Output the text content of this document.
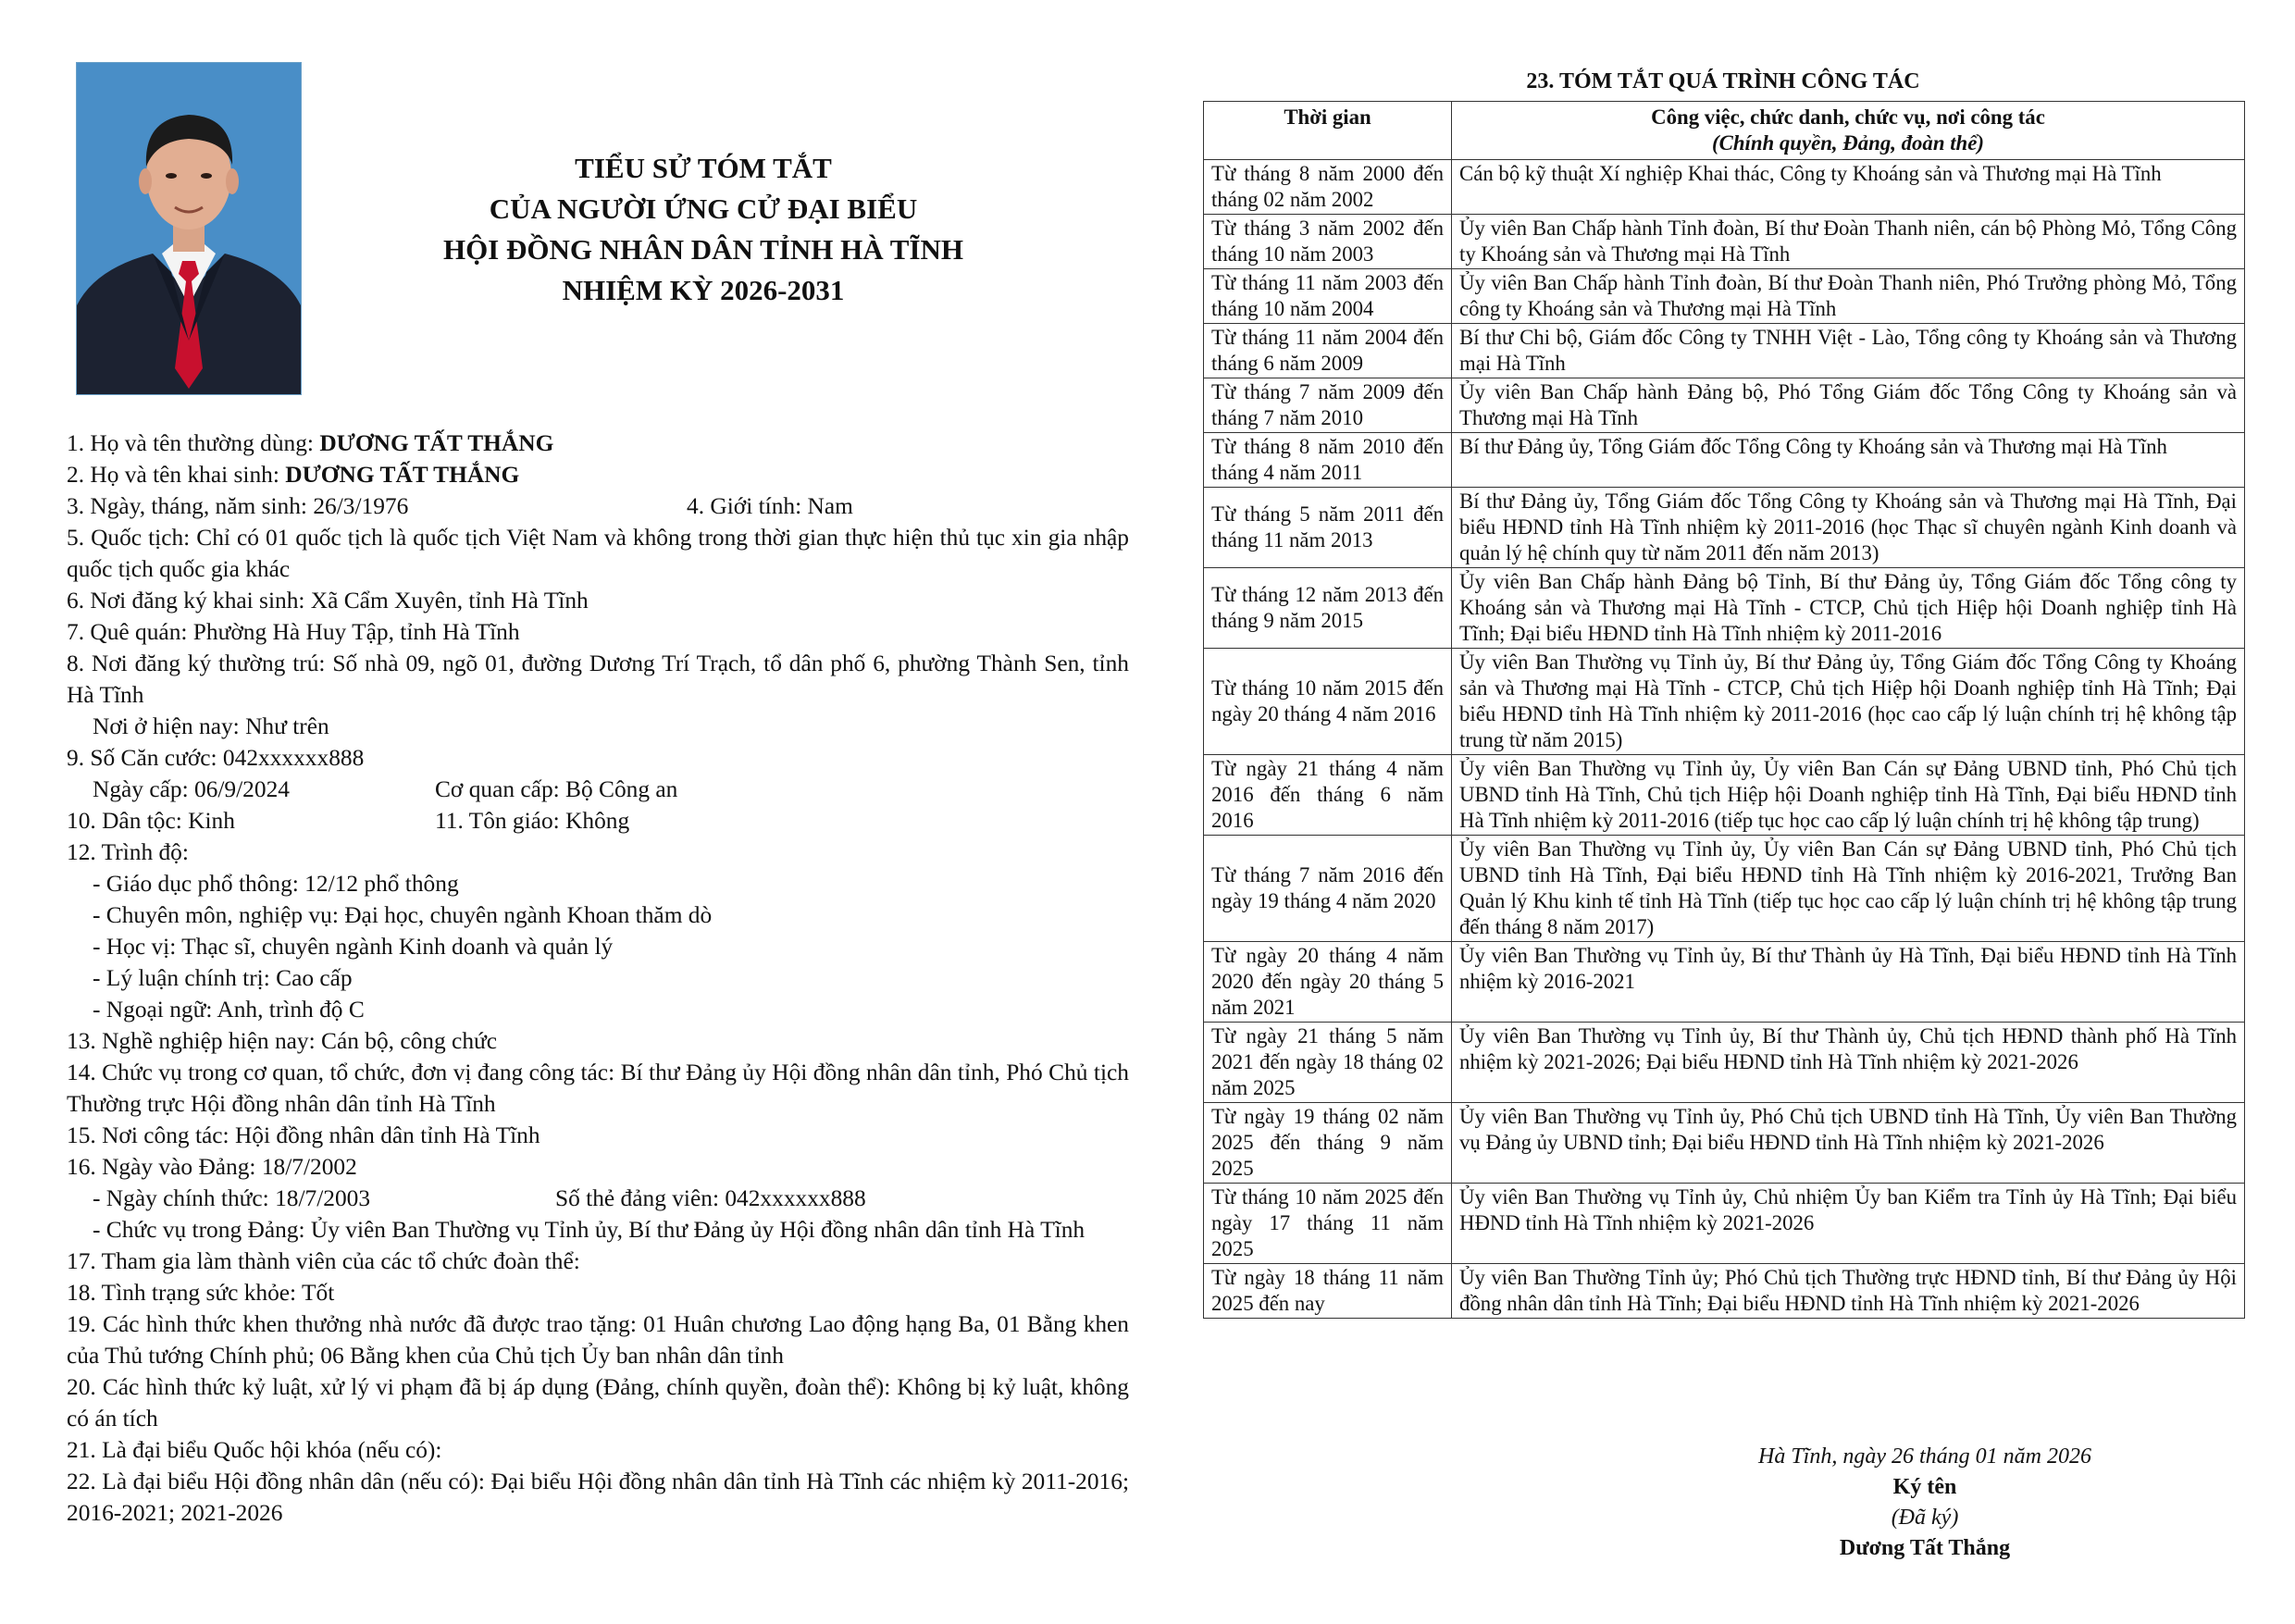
TIỂU SỬ TÓM TẮT
CỦA NGƯỜI ỨNG CỬ ĐẠI BIỂU
HỘI ĐỒNG NHÂN DÂN TỈNH HÀ TĨNH
NHIỆM KỲ 2026-2031

1. Họ và tên thường dùng: DƯƠNG TẤT THẮNG

2. Họ và tên khai sinh: DƯƠNG TẤT THẮNG

3. Ngày, tháng, năm sinh: 26/3/1976	4. Giới tính: Nam

5. Quốc tịch: Chỉ có 01 quốc tịch là quốc tịch Việt Nam và không trong thời gian thực hiện thủ tục xin gia nhập quốc tịch quốc gia khác

6. Nơi đăng ký khai sinh: Xã Cẩm Xuyên, tỉnh Hà Tĩnh

7. Quê quán: Phường Hà Huy Tập, tỉnh Hà Tĩnh

8. Nơi đăng ký thường trú: Số nhà 09, ngõ 01, đường Dương Trí Trạch, tổ dân phố 6, phường Thành Sen, tỉnh Hà Tĩnh

Nơi ở hiện nay: Như trên

9. Số Căn cước: 042xxxxxx888

Ngày cấp: 06/9/2024	Cơ quan cấp: Bộ Công an

10. Dân tộc: Kinh	11. Tôn giáo: Không

12. Trình độ:

- Giáo dục phổ thông: 12/12 phổ thông

- Chuyên môn, nghiệp vụ: Đại học, chuyên ngành Khoan thăm dò

- Học vị: Thạc sĩ, chuyên ngành Kinh doanh và quản lý

- Lý luận chính trị: Cao cấp

- Ngoại ngữ: Anh, trình độ C

13. Nghề nghiệp hiện nay: Cán bộ, công chức

14. Chức vụ trong cơ quan, tổ chức, đơn vị đang công tác: Bí thư Đảng ủy Hội đồng nhân dân tỉnh, Phó Chủ tịch Thường trực Hội đồng nhân dân tỉnh Hà Tĩnh

15. Nơi công tác: Hội đồng nhân dân tỉnh Hà Tĩnh

16. Ngày vào Đảng: 18/7/2002

- Ngày chính thức: 18/7/2003	Số thẻ đảng viên: 042xxxxxx888

- Chức vụ trong Đảng: Ủy viên Ban Thường vụ Tỉnh ủy, Bí thư Đảng ủy Hội đồng nhân dân tỉnh Hà Tĩnh

17. Tham gia làm thành viên của các tổ chức đoàn thể:

18. Tình trạng sức khỏe: Tốt

19. Các hình thức khen thưởng nhà nước đã được trao tặng: 01 Huân chương Lao động hạng Ba, 01 Bằng khen của Thủ tướng Chính phủ; 06 Bằng khen của Chủ tịch Ủy ban nhân dân tỉnh

20. Các hình thức kỷ luật, xử lý vi phạm đã bị áp dụng (Đảng, chính quyền, đoàn thể): Không bị kỷ luật, không có án tích

21. Là đại biểu Quốc hội khóa (nếu có):

22. Là đại biểu Hội đồng nhân dân (nếu có): Đại biểu Hội đồng nhân dân tỉnh Hà Tĩnh các nhiệm kỳ 2011-2016; 2016-2021; 2021-2026

23. TÓM TẮT QUÁ TRÌNH CÔNG TÁC
Thời gian	Công việc, chức danh, chức vụ, nơi công tác
(Chính quyền, Đảng, đoàn thể)

Từ tháng 8 năm 2000 đến tháng 02 năm 2002	Cán bộ kỹ thuật Xí nghiệp Khai thác, Công ty Khoáng sản và Thương mại Hà Tĩnh
Từ tháng 3 năm 2002 đến tháng 10 năm 2003	Ủy viên Ban Chấp hành Tỉnh đoàn, Bí thư Đoàn Thanh niên, cán bộ Phòng Mỏ, Tổng Công ty Khoáng sản và Thương mại Hà Tĩnh
Từ tháng 11 năm 2003 đến tháng 10 năm 2004	Ủy viên Ban Chấp hành Tỉnh đoàn, Bí thư Đoàn Thanh niên, Phó Trưởng phòng Mỏ, Tổng công ty Khoáng sản và Thương mại Hà Tĩnh
Từ tháng 11 năm 2004 đến tháng 6 năm 2009	Bí thư Chi bộ, Giám đốc Công ty TNHH Việt - Lào, Tổng công ty Khoáng sản và Thương mại Hà Tĩnh
Từ tháng 7 năm 2009 đến tháng 7 năm 2010	Ủy viên Ban Chấp hành Đảng bộ, Phó Tổng Giám đốc Tổng Công ty Khoáng sản và Thương mại Hà Tĩnh
Từ tháng 8 năm 2010 đến tháng 4 năm 2011	Bí thư Đảng ủy, Tổng Giám đốc Tổng Công ty Khoáng sản và Thương mại Hà Tĩnh
Từ tháng 5 năm 2011 đến tháng 11 năm 2013	Bí thư Đảng ủy, Tổng Giám đốc Tổng Công ty Khoáng sản và Thương mại Hà Tĩnh, Đại biểu HĐND tỉnh Hà Tĩnh nhiệm kỳ 2011-2016 (học Thạc sĩ chuyên ngành Kinh doanh và quản lý hệ chính quy từ năm 2011 đến năm 2013)
Từ tháng 12 năm 2013 đến tháng 9 năm 2015	Ủy viên Ban Chấp hành Đảng bộ Tỉnh, Bí thư Đảng ủy, Tổng Giám đốc Tổng công ty Khoáng sản và Thương mại Hà Tĩnh - CTCP, Chủ tịch Hiệp hội Doanh nghiệp tỉnh Hà Tĩnh; Đại biểu HĐND tỉnh Hà Tĩnh nhiệm kỳ 2011-2016
Từ tháng 10 năm 2015 đến ngày 20 tháng 4 năm 2016	Ủy viên Ban Thường vụ Tỉnh ủy, Bí thư Đảng ủy, Tổng Giám đốc Tổng Công ty Khoáng sản và Thương mại Hà Tĩnh - CTCP, Chủ tịch Hiệp hội Doanh nghiệp tỉnh Hà Tĩnh; Đại biểu HĐND tỉnh Hà Tĩnh nhiệm kỳ 2011-2016 (học cao cấp lý luận chính trị hệ không tập trung từ năm 2015)
Từ ngày 21 tháng 4 năm 2016 đến tháng 6 năm 2016	Ủy viên Ban Thường vụ Tỉnh ủy, Ủy viên Ban Cán sự Đảng UBND tỉnh, Phó Chủ tịch UBND tỉnh Hà Tĩnh, Chủ tịch Hiệp hội Doanh nghiệp tỉnh Hà Tĩnh, Đại biểu HĐND tỉnh Hà Tĩnh nhiệm kỳ 2011-2016 (tiếp tục học cao cấp lý luận chính trị hệ không tập trung)
Từ tháng 7 năm 2016 đến ngày 19 tháng 4 năm 2020	Ủy viên Ban Thường vụ Tỉnh ủy, Ủy viên Ban Cán sự Đảng UBND tỉnh, Phó Chủ tịch UBND tỉnh Hà Tĩnh, Đại biểu HĐND tỉnh Hà Tĩnh nhiệm kỳ 2016-2021, Trưởng Ban Quản lý Khu kinh tế tỉnh Hà Tĩnh (tiếp tục học cao cấp lý luận chính trị hệ không tập trung đến tháng 8 năm 2017)
Từ ngày 20 tháng 4 năm 2020 đến ngày 20 tháng 5 năm 2021	Ủy viên Ban Thường vụ Tỉnh ủy, Bí thư Thành ủy Hà Tĩnh, Đại biểu HĐND tỉnh Hà Tĩnh nhiệm kỳ 2016-2021
Từ ngày 21 tháng 5 năm 2021 đến ngày 18 tháng 02 năm 2025	Ủy viên Ban Thường vụ Tỉnh ủy, Bí thư Thành ủy, Chủ tịch HĐND thành phố Hà Tĩnh nhiệm kỳ 2021-2026; Đại biểu HĐND tỉnh Hà Tĩnh nhiệm kỳ 2021-2026
Từ ngày 19 tháng 02 năm 2025 đến tháng 9 năm 2025	Ủy viên Ban Thường vụ Tỉnh ủy, Phó Chủ tịch UBND tỉnh Hà Tĩnh, Ủy viên Ban Thường vụ Đảng ủy UBND tỉnh; Đại biểu HĐND tỉnh Hà Tĩnh nhiệm kỳ 2021-2026
Từ tháng 10 năm 2025 đến ngày 17 tháng 11 năm 2025	Ủy viên Ban Thường vụ Tỉnh ủy, Chủ nhiệm Ủy ban Kiểm tra Tỉnh ủy Hà Tĩnh; Đại biểu HĐND tỉnh Hà Tĩnh nhiệm kỳ 2021-2026
Từ ngày 18 tháng 11 năm 2025 đến nay	Ủy viên Ban Thường Tỉnh ủy; Phó Chủ tịch Thường trực HĐND tỉnh, Bí thư Đảng ủy Hội đồng nhân dân tỉnh Hà Tĩnh; Đại biểu HĐND tỉnh Hà Tĩnh nhiệm kỳ 2021-2026
Hà Tĩnh, ngày 26 tháng 01 năm 2026
Ký tên
(Đã ký)
Dương Tất Thắng
